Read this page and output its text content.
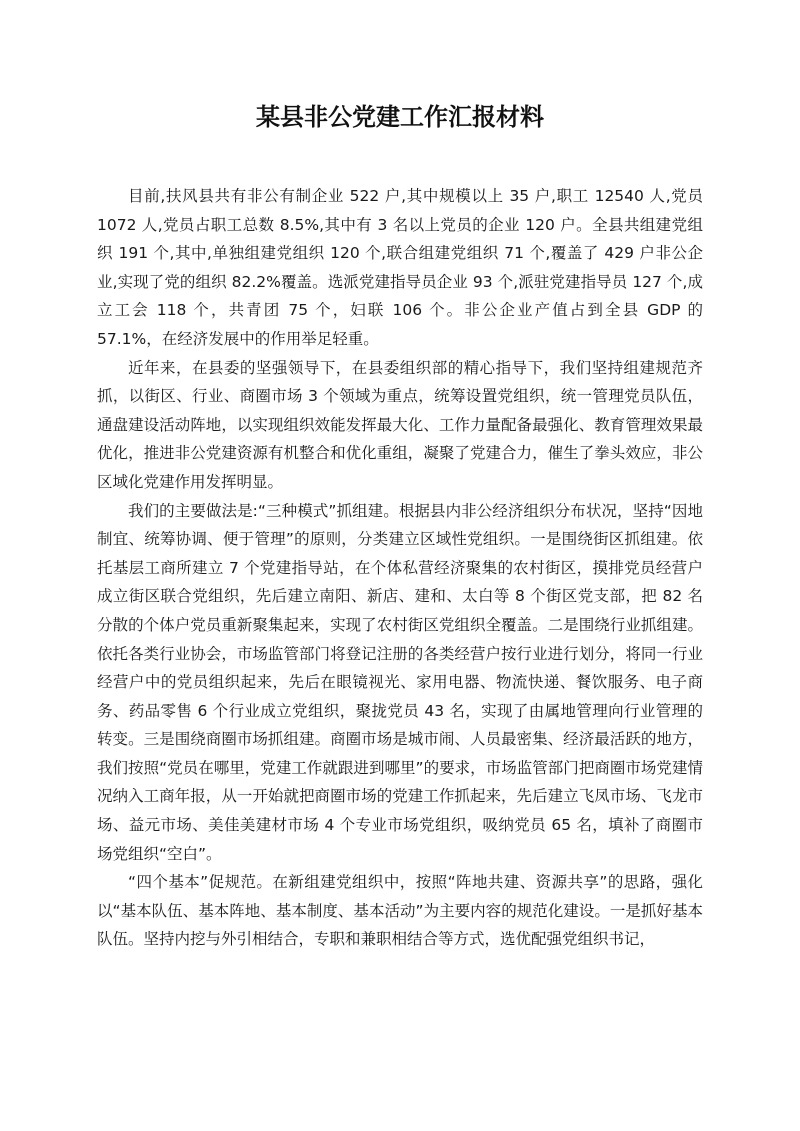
某县非公党建工作汇报材料

目前,扶风县共有非公有制企业 522 户,其中规模以上 35 户,职工 12540 人,党员 1072 人,党员占职工总数 8.5%,其中有 3 名以上党员的企业 120 户。全县共组建党组织 191 个,其中,单独组建党组织 120 个,联合组建党组织 71 个,覆盖了 429 户非公企业,实现了党的组织 82.2%覆盖。选派党建指导员企业 93 个,派驻党建指导员 127 个,成立工会 118 个，共青团 75 个，妇联 106 个。非公企业产值占到全县 GDP 的 57.1%，在经济发展中的作用举足轻重。

近年来，在县委的坚强领导下，在县委组织部的精心指导下，我们坚持组建规范齐抓，以街区、行业、商圈市场 3 个领域为重点，统筹设置党组织，统一管理党员队伍，通盘建设活动阵地，以实现组织效能发挥最大化、工作力量配备最强化、教育管理效果最优化，推进非公党建资源有机整合和优化重组，凝聚了党建合力，催生了拳头效应，非公区域化党建作用发挥明显。

我们的主要做法是:“三种模式”抓组建。根据县内非公经济组织分布状况，坚持“因地制宜、统筹协调、便于管理”的原则，分类建立区域性党组织。一是围绕街区抓组建。依托基层工商所建立 7 个党建指导站，在个体私营经济聚集的农村街区，摸排党员经营户成立街区联合党组织，先后建立南阳、新店、建和、太白等 8 个街区党支部，把 82 名分散的个体户党员重新聚集起来，实现了农村街区党组织全覆盖。二是围绕行业抓组建。依托各类行业协会，市场监管部门将登记注册的各类经营户按行业进行划分，将同一行业经营户中的党员组织起来，先后在眼镜视光、家用电器、物流快递、餐饮服务、电子商务、药品零售 6 个行业成立党组织，聚拢党员 43 名，实现了由属地管理向行业管理的转变。三是围绕商圈市场抓组建。商圈市场是城市闹、人员最密集、经济最活跃的地方，我们按照“党员在哪里，党建工作就跟进到哪里”的要求，市场监管部门把商圈市场党建情况纳入工商年报，从一开始就把商圈市场的党建工作抓起来，先后建立飞凤市场、飞龙市场、益元市场、美佳美建材市场 4 个专业市场党组织，吸纳党员 65 名，填补了商圈市场党组织“空白”。

“四个基本”促规范。在新组建党组织中，按照“阵地共建、资源共享”的思路，强化以“基本队伍、基本阵地、基本制度、基本活动”为主要内容的规范化建设。一是抓好基本队伍。坚持内挖与外引相结合，专职和兼职相结合等方式，选优配强党组织书记，
